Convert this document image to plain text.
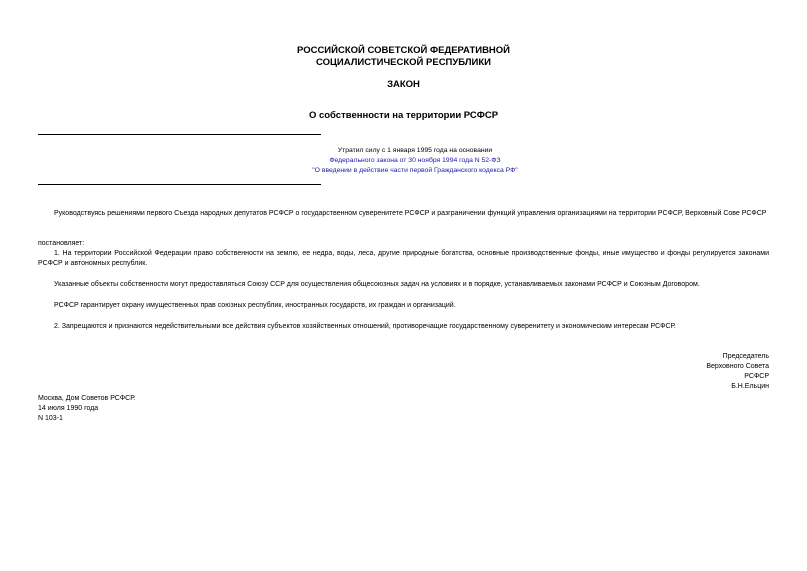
РОССИЙСКОЙ СОВЕТСКОЙ ФЕДЕРАТИВНОЙ
СОЦИАЛИСТИЧЕСКОЙ РЕСПУБЛИКИ
ЗАКОН
О собственности на территории РСФСР
Утратил силу с 1 января 1995 года на основании
Федерального закона от 30 ноября 1994 года N 52-ФЗ
"О введении в действие части первой Гражданского кодекса РФ"
Руководствуясь решениями первого Съезда народных депутатов РСФСР о государственном суверенитете РСФСР и разграничении функций управления организациями на территории РСФСР, Верховный Сове РСФСР
постановляет:
1. На территории Российской Федерации право собственности на землю, ее недра, воды, леса, другие природные богатства, основные производственные фонды, иные имущество и фонды регулируется законами РСФСР и автономных республик.
Указанные объекты собственности могут предоставляться Союзу ССР для осуществления общесоюзных задач на условиях и в порядке, устанавливаемых законами РСФСР и Союзным Договором.
РСФСР гарантирует охрану имущественных прав союзных республик, иностранных государств, их граждан и организаций.
2. Запрещаются и признаются недействительными все действия субъектов хозяйственных отношений, противоречащие государственному суверенитету и экономическим интересам РСФСР.
Председатель
Верховного Совета
РСФСР
Б.Н.Ельцин
Москва, Дом Советов РСФСР.
14 июля 1990 года
N 103-1
